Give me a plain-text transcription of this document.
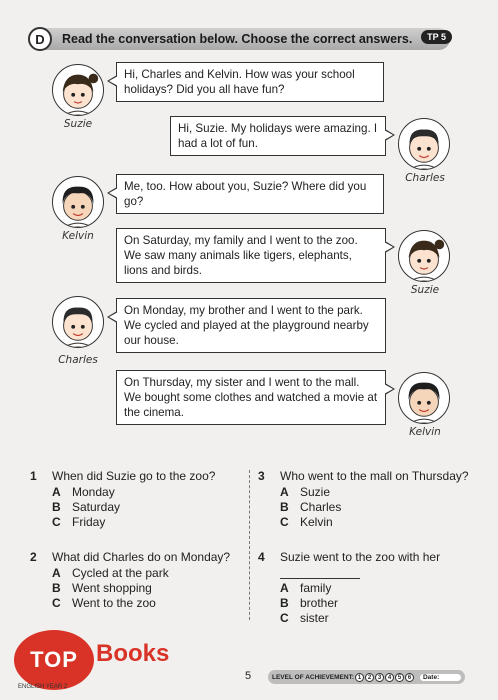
D	Read the conversation below. Choose the correct answers.	TP 5
Suzie
Hi, Charles and Kelvin. How was your school holidays? Did you all have fun?
Hi, Suzie. My holidays were amazing. I had a lot of fun.
Charles
Kelvin
Me, too. How about you, Suzie? Where did you go?
On Saturday, my family and I went to the zoo. We saw many animals like tigers, elephants, lions and birds.
Suzie
Charles
On Monday, my brother and I went to the park. We cycled and played at the playground nearby our house.
On Thursday, my sister and I went to the mall. We bought some clothes and watched a movie at the cinema.
Kelvin
1 When did Suzie go to the zoo?
A Monday
B Saturday
C Friday
2 What did Charles do on Monday?
A Cycled at the park
B Went shopping
C Went to the zoo
3 Who went to the mall on Thursday?
A Suzie
B Charles
C Kelvin
4 Suzie went to the zoo with her
A family
B brother
C sister
TOP
ENGLISH YEAR 2
Books
5	LEVEL OF ACHIEVEMENT: 1	2	3	4	5	6	Date:
